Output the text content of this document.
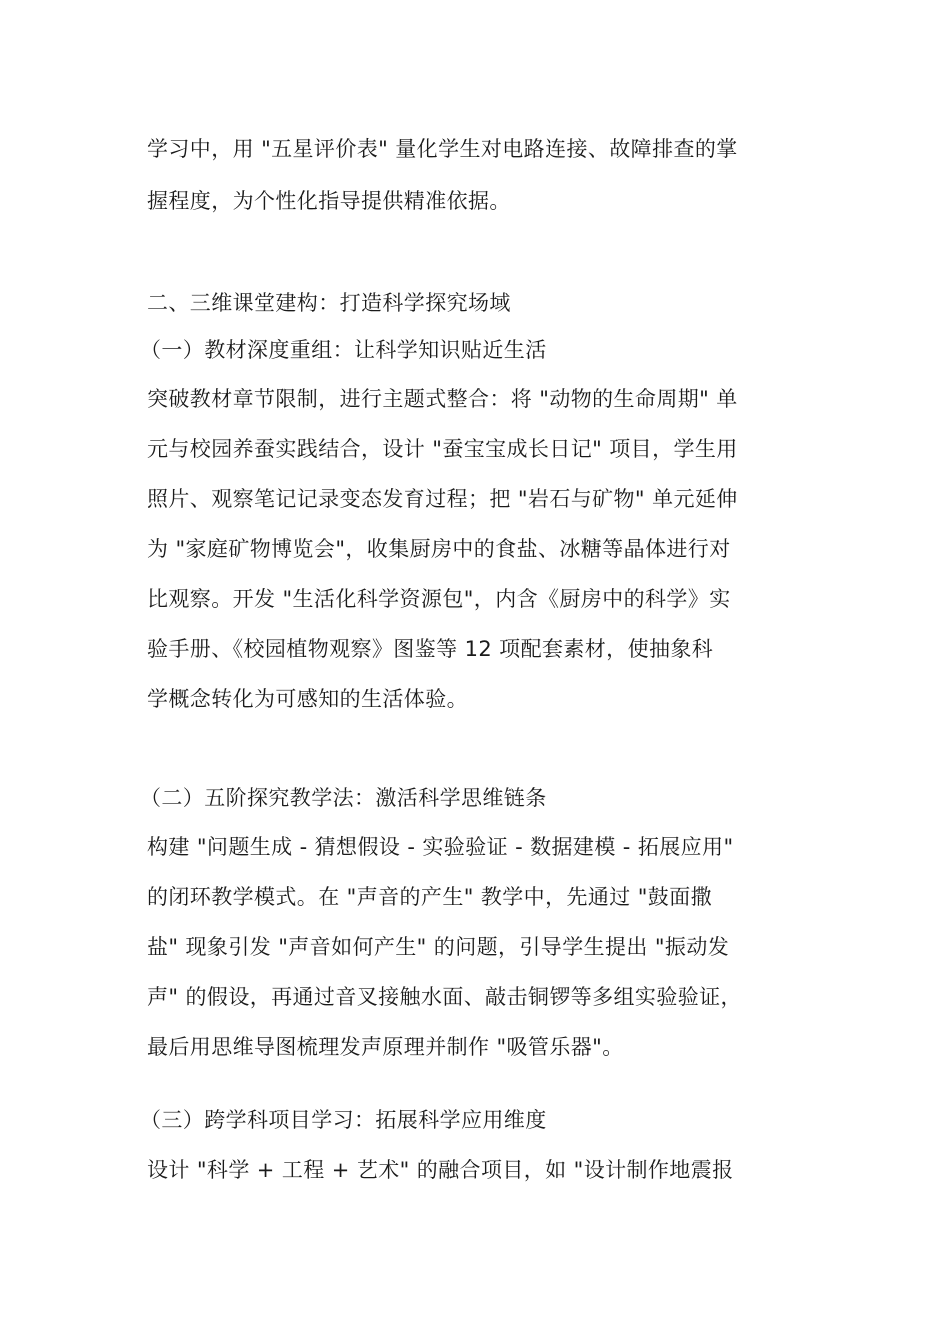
学习中，用 "五星评价表" 量化学生对电路连接、故障排查的掌
握程度，为个性化指导提供精准依据。
二、三维课堂建构：打造科学探究场域
（一）教材深度重组：让科学知识贴近生活
突破教材章节限制，进行主题式整合：将 "动物的生命周期" 单
元与校园养蚕实践结合，设计 "蚕宝宝成长日记" 项目，学生用
照片、观察笔记记录变态发育过程；把 "岩石与矿物" 单元延伸
为 "家庭矿物博览会"，收集厨房中的食盐、冰糖等晶体进行对
比观察。开发 "生活化科学资源包"，内含《厨房中的科学》实
验手册、《校园植物观察》图鉴等 12 项配套素材，使抽象科
学概念转化为可感知的生活体验。
（二）五阶探究教学法：激活科学思维链条
构建 "问题生成 - 猜想假设 - 实验验证 - 数据建模 - 拓展应用"
的闭环教学模式。在 "声音的产生" 教学中，先通过 "鼓面撒
盐" 现象引发 "声音如何产生" 的问题，引导学生提出 "振动发
声" 的假设，再通过音叉接触水面、敲击铜锣等多组实验验证，
最后用思维导图梳理发声原理并制作 "吸管乐器"。
（三）跨学科项目学习：拓展科学应用维度
设计 "科学 + 工程 + 艺术" 的融合项目，如 "设计制作地震报
